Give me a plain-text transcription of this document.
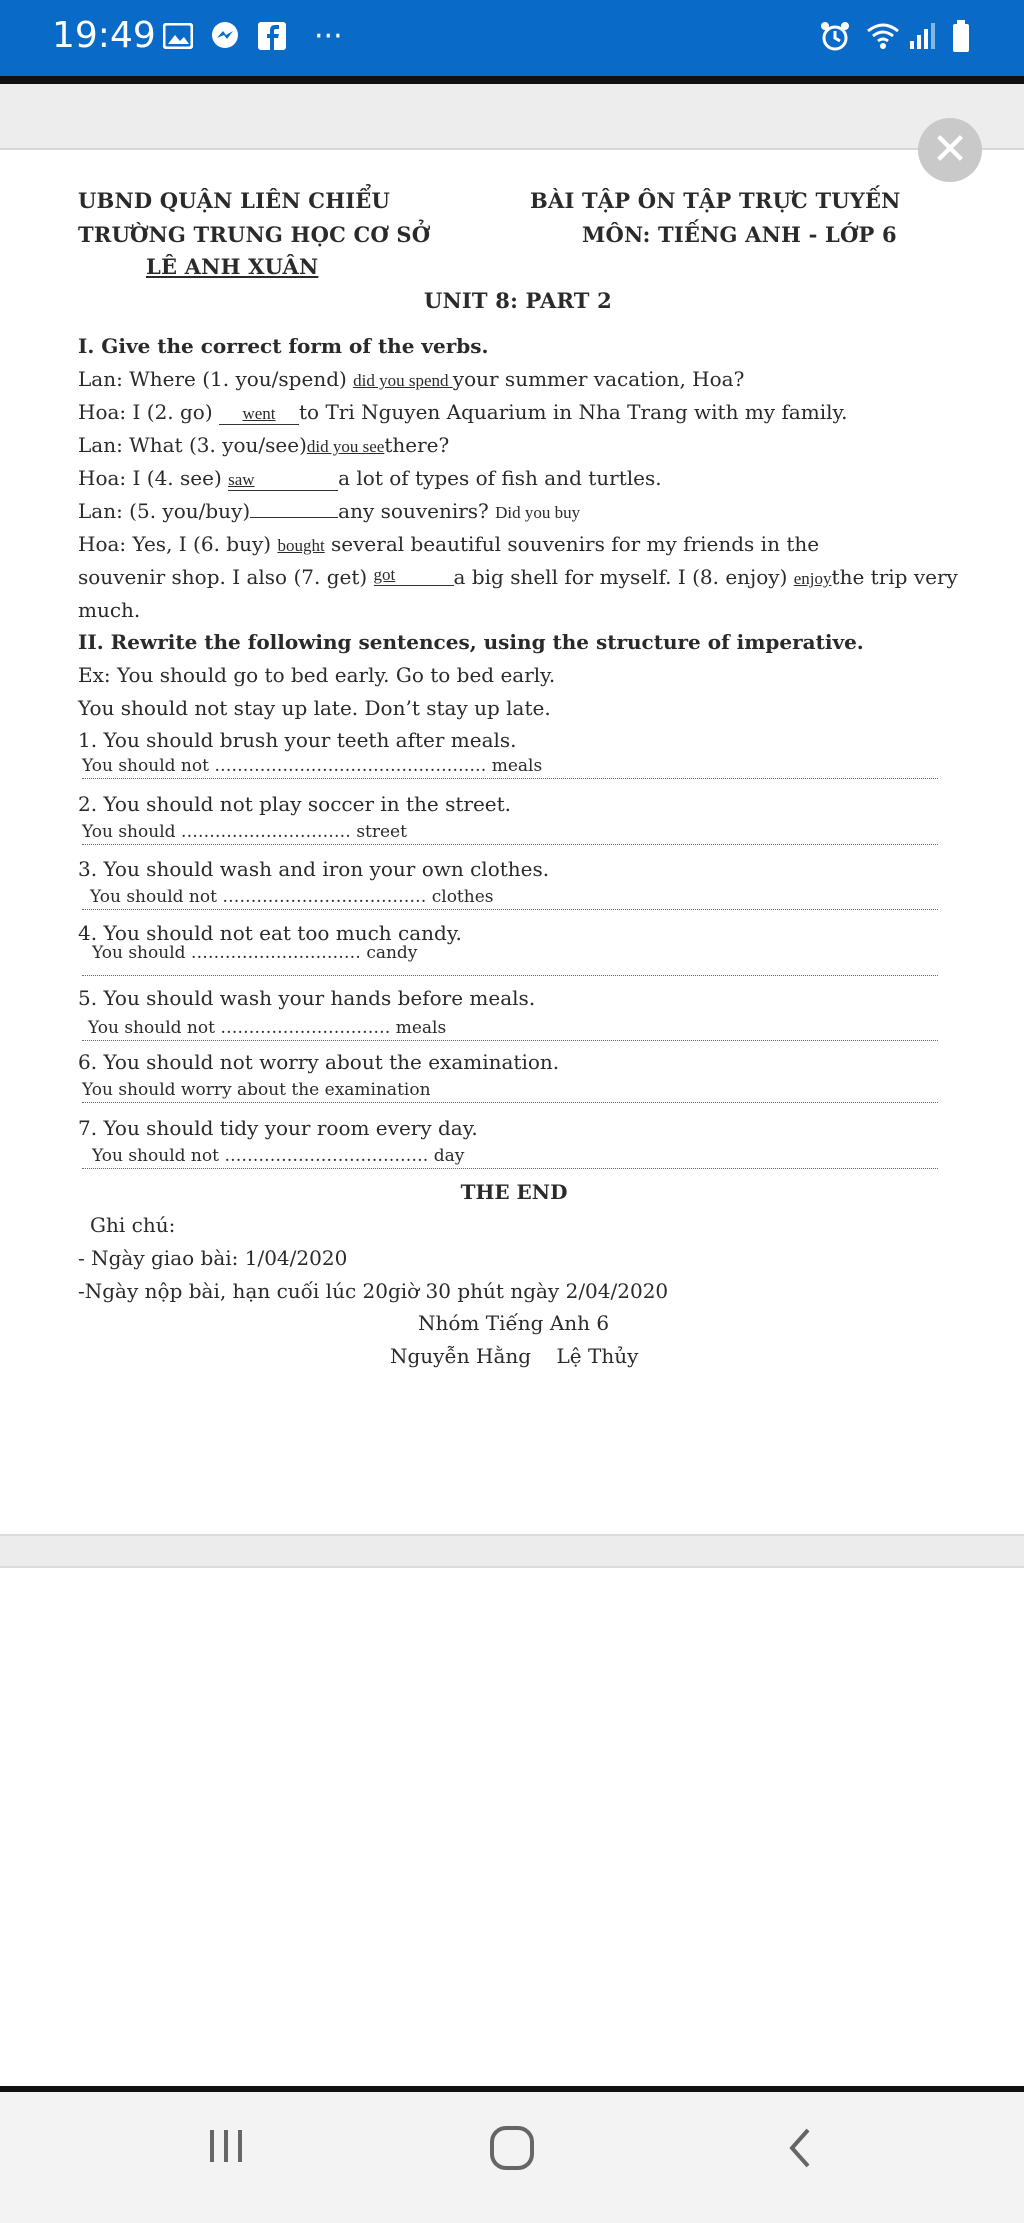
19:49	···
✕
UBND QUẬN LIÊN CHIỂU
TRƯỜNG TRUNG HỌC CƠ SỞ
LÊ ANH XUÂN
BÀI TẬP ÔN TẬP TRỰC TUYẾN
MÔN: TIẾNG ANH - LỚP 6
UNIT 8: PART 2
I. Give the correct form of the verbs.
Lan: Where (1. you/spend) did you spend your summer vacation, Hoa?
Hoa: I (2. go) went to Tri Nguyen Aquarium in Nha Trang with my family.
Lan: What (3. you/see)did you seethere?
Hoa: I (4. see) saw	a lot of types of fish and turtles.
Lan: (5. you/buy)	any souvenirs? Did you buy
Hoa: Yes, I (6. buy) bought several beautiful souvenirs for my friends in the
souvenir shop. I also (7. get) got	a big shell for myself. I (8. enjoy) enjoythe trip very
much.
II. Rewrite the following sentences, using the structure of imperative.
Ex: You should go to bed early. Go to bed early.
You should not stay up late. Don’t stay up late.
1. You should brush your teeth after meals.
You should not ………………………………………… meals
2. You should not play soccer in the street.
You should ………………………… street
3. You should wash and iron your own clothes.
You should not ……………………………… clothes
4. You should not eat too much candy.
You should ………………………… candy
5. You should wash your hands before meals.
You should not ………………………… meals
6. You should not worry about the examination.
You should worry about the examination
7. You should tidy your room every day.
You should not ……………………………… day
THE END
Ghi chú:
- Ngày giao bài: 1/04/2020
-Ngày nộp bài, hạn cuối lúc 20giờ 30 phút ngày 2/04/2020
Nhóm Tiếng Anh 6
Nguyễn Hằng    Lệ Thủy
